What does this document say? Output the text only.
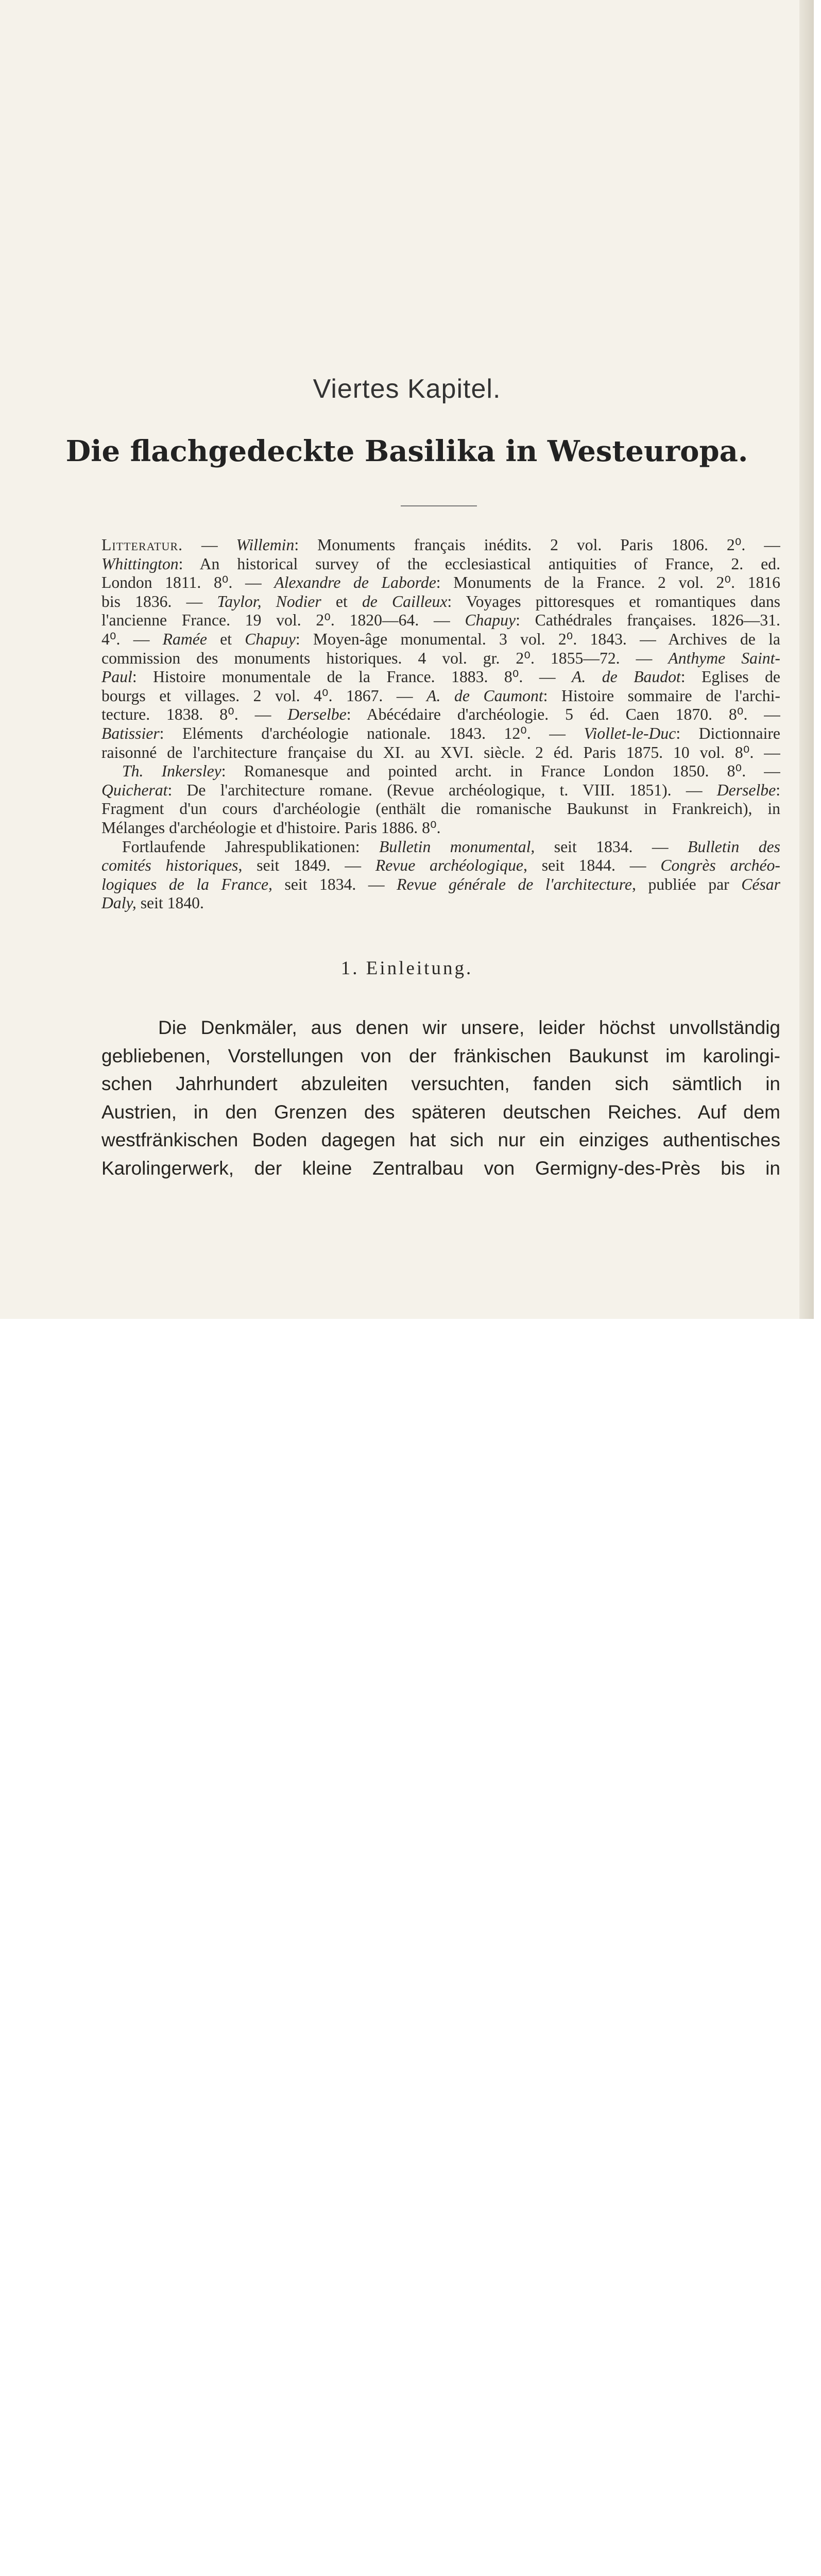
Viertes Kapitel.
Die flachgedeckte Basilika in Westeuropa.
Litteratur. — Willemin: Monuments français inédits. 2 vol. Paris 1806. 2⁰. —
Whittington: An historical survey of the ecclesiastical antiquities of France, 2. ed.
London 1811. 8⁰. — Alexandre de Laborde: Monuments de la France. 2 vol. 2⁰. 1816
bis 1836. — Taylor, Nodier et de Cailleux: Voyages pittoresques et romantiques dans
l'ancienne France. 19 vol. 2⁰. 1820—64. — Chapuy: Cathédrales françaises. 1826—31.
4⁰. — Ramée et Chapuy: Moyen-âge monumental. 3 vol. 2⁰. 1843. — Archives de la
commission des monuments historiques. 4 vol. gr. 2⁰. 1855—72. — Anthyme Saint-
Paul: Histoire monumentale de la France. 1883. 8⁰. — A. de Baudot: Eglises de
bourgs et villages. 2 vol. 4⁰. 1867. — A. de Caumont: Histoire sommaire de l'archi-
tecture. 1838. 8⁰. — Derselbe: Abécédaire d'archéologie. 5 éd. Caen 1870. 8⁰. —
Batissier: Eléments d'archéologie nationale. 1843. 12⁰. — Viollet-le-Duc: Dictionnaire
raisonné de l'architecture française du XI. au XVI. siècle. 2 éd. Paris 1875. 10 vol. 8⁰. —
Th. Inkersley: Romanesque and pointed archt. in France London 1850. 8⁰. —
Quicherat: De l'architecture romane. (Revue archéologique, t. VIII. 1851). — Derselbe:
Fragment d'un cours d'archéologie (enthält die romanische Baukunst in Frankreich), in
Mélanges d'archéologie et d'histoire. Paris 1886. 8⁰.
Fortlaufende Jahrespublikationen: Bulletin monumental, seit 1834. — Bulletin des
comités historiques, seit 1849. — Revue archéologique, seit 1844. — Congrès archéo-
logiques de la France, seit 1834. — Revue générale de l'architecture, publiée par César
Daly, seit 1840.
1. Einleitung.
Die Denkmäler, aus denen wir unsere, leider höchst unvollständig
gebliebenen, Vorstellungen von der fränkischen Baukunst im karolingi-
schen Jahrhundert abzuleiten versuchten, fanden sich sämtlich in
Austrien, in den Grenzen des späteren deutschen Reiches. Auf dem
westfränkischen Boden dagegen hat sich nur ein einziges authentisches
Karolingerwerk, der kleine Zentralbau von Germigny-des-Près bis in
